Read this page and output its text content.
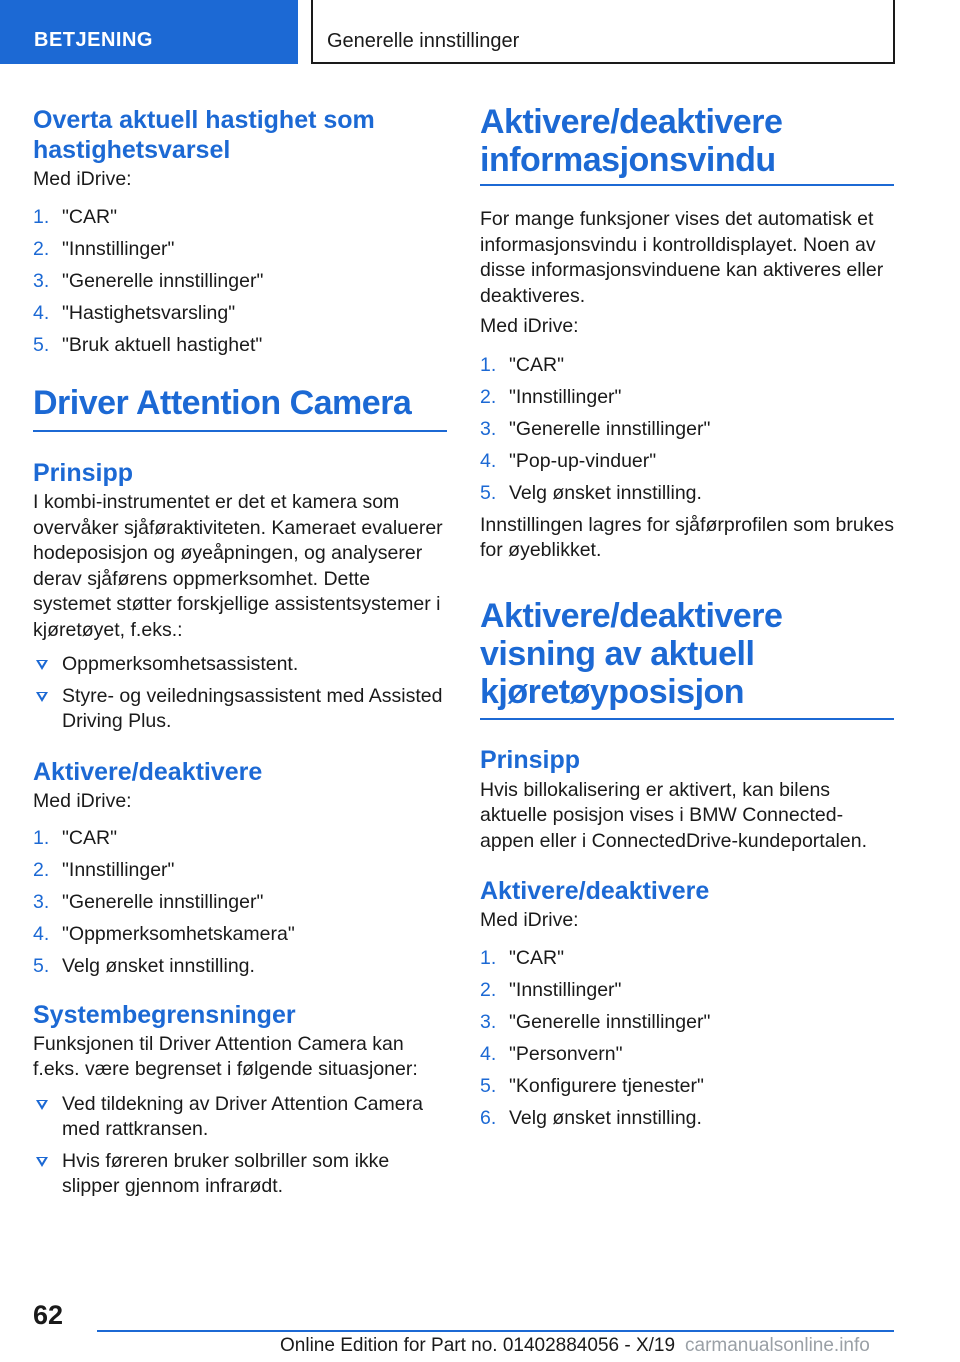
BETJENING	Generelle innstillinger
Overta aktuell hastighet som hastighetsvarsel

Med iDrive:

1. "CAR"
2. "Innstillinger"
3. "Generelle innstillinger"
4. "Hastighetsvarsling"
5. "Bruk aktuell hastighet"
Driver Attention Camera
Prinsipp

I kombi-instrumentet er det et kamera som overvåker sjåføraktiviteten. Kameraet evaluerer hodeposisjon og øyeåpningen, og analyserer derav sjåførens oppmerksomhet. Dette systemet støtter forskjellige assistentsystemer i kjøretøyet, f.eks.:

Oppmerksomhetsassistent.
Styre- og veiledningsassistent med Assisted Driving Plus.
Aktivere/deaktivere

Med iDrive:

1. "CAR"
2. "Innstillinger"
3. "Generelle innstillinger"
4. "Oppmerksomhetskamera"
5. Velg ønsket innstilling.
Systembegrensninger

Funksjonen til Driver Attention Camera kan f.eks. være begrenset i følgende situasjoner:

Ved tildekning av Driver Attention Camera med rattkransen.
Hvis føreren bruker solbriller som ikke slipper gjennom infrarødt.
Aktivere/deaktivere informasjonsvindu

For mange funksjoner vises det automatisk et informasjonsvindu i kontrolldisplayet. Noen av disse informasjonsvinduene kan aktiveres eller deaktiveres.

Med iDrive:

1. "CAR"
2. "Innstillinger"
3. "Generelle innstillinger"
4. "Pop-up-vinduer"
5. Velg ønsket innstilling.

Innstillingen lagres for sjåførprofilen som brukes for øyeblikket.

Aktivere/deaktivere visning av aktuell kjøretøyposisjon
Prinsipp

Hvis billokalisering er aktivert, kan bilens aktuelle posisjon vises i BMW Connected-appen eller i ConnectedDrive-kundeportalen.

Aktivere/deaktivere

Med iDrive:

1. "CAR"
2. "Innstillinger"
3. "Generelle innstillinger"
4. "Personvern"
5. "Konfigurere tjenester"
6. Velg ønsket innstilling.
62
Online Edition for Part no. 01402884056 - X/19 carmanualsonline.info
